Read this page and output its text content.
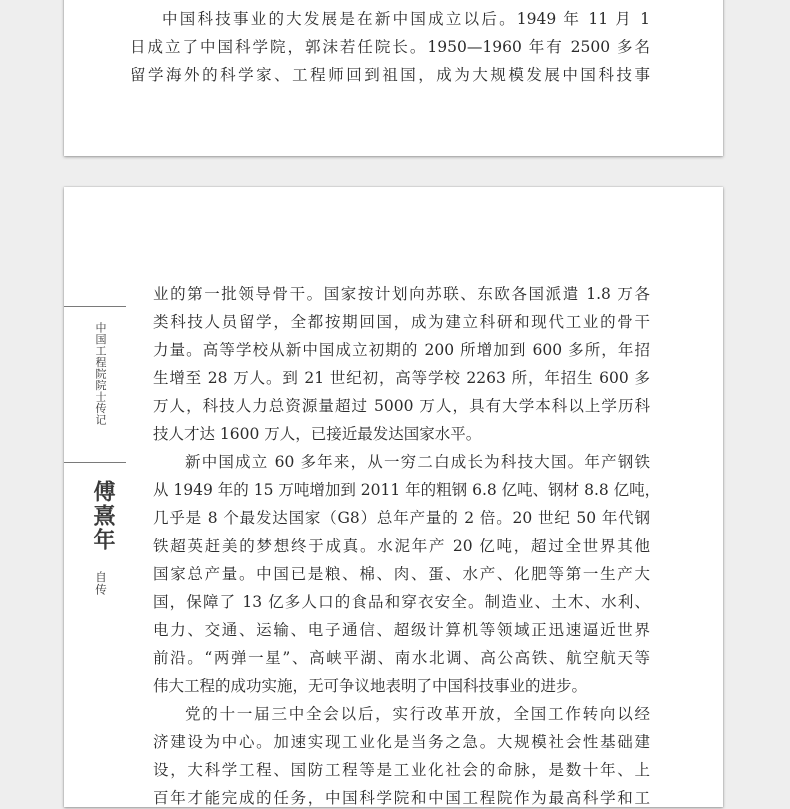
中国科技事业的大发展是在新中国成立以后。1949 年 11 月 1
日成立了中国科学院，郭沫若任院长。1950—1960 年有 2500 多名
留学海外的科学家、工程师回到祖国，成为大规模发展中国科技事
中国工程院院士传记
傅熹年
自传
业的第一批领导骨干。国家按计划向苏联、东欧各国派遣 1.8 万各
类科技人员留学，全都按期回国，成为建立科研和现代工业的骨干
力量。高等学校从新中国成立初期的 200 所增加到 600 多所，年招
生增至 28 万人。到 21 世纪初，高等学校 2263 所，年招生 600 多
万人，科技人力总资源量超过 5000 万人，具有大学本科以上学历科
技人才达 1600 万人，已接近最发达国家水平。
新中国成立 60 多年来，从一穷二白成长为科技大国。年产钢铁
从 1949 年的 15 万吨增加到 2011 年的粗钢 6.8 亿吨、钢材 8.8 亿吨，
几乎是 8 个最发达国家（G8）总年产量的 2 倍。20 世纪 50 年代钢
铁超英赶美的梦想终于成真。水泥年产 20 亿吨，超过全世界其他
国家总产量。中国已是粮、棉、肉、蛋、水产、化肥等第一生产大
国，保障了 13 亿多人口的食品和穿衣安全。制造业、土木、水利、
电力、交通、运输、电子通信、超级计算机等领域正迅速逼近世界
前沿。“两弹一星”、高峡平湖、南水北调、高公高铁、航空航天等
伟大工程的成功实施，无可争议地表明了中国科技事业的进步。
党的十一届三中全会以后，实行改革开放，全国工作转向以经
济建设为中心。加速实现工业化是当务之急。大规模社会性基础建
设，大科学工程、国防工程等是工业化社会的命脉，是数十年、上
百年才能完成的任务，中国科学院和中国工程院作为最高科学和工
